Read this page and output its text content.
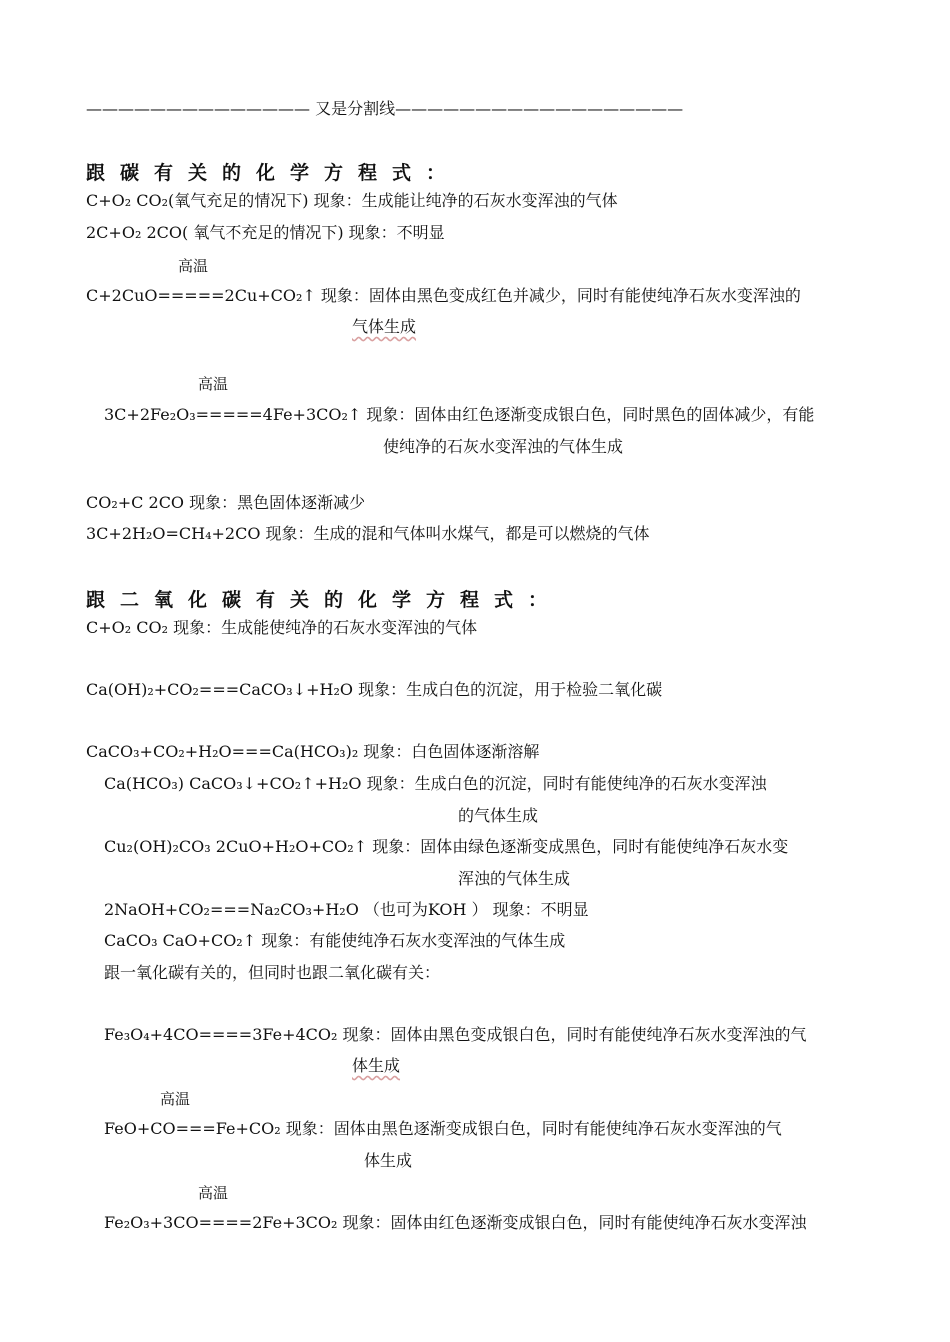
—————————————— 又是分割线——————————————————
跟碳有关的化学方程式：
C+O₂ CO₂(氧气充足的情况下) 现象：生成能让纯净的石灰水变浑浊的气体
2C+O₂ 2CO( 氧气不充足的情况下) 现象：不明显
高温
C+2CuO=====2Cu+CO₂↑ 现象：固体由黑色变成红色并减少，同时有能使纯净石灰水变浑浊的
气体生成
高温
3C+2Fe₂O₃=====4Fe+3CO₂↑ 现象：固体由红色逐渐变成银白色，同时黑色的固体减少，有能
使纯净的石灰水变浑浊的气体生成
CO₂+C 2CO 现象：黑色固体逐渐减少
3C+2H₂O=CH₄+2CO 现象：生成的混和气体叫水煤气，都是可以燃烧的气体
跟二氧化碳有关的化学方程式：
C+O₂ CO₂ 现象：生成能使纯净的石灰水变浑浊的气体
Ca(OH)₂+CO₂===CaCO₃↓+H₂O 现象：生成白色的沉淀，用于检验二氧化碳
CaCO₃+CO₂+H₂O===Ca(HCO₃)₂ 现象：白色固体逐渐溶解
Ca(HCO₃) CaCO₃↓+CO₂↑+H₂O 现象：生成白色的沉淀，同时有能使纯净的石灰水变浑浊
的气体生成
Cu₂(OH)₂CO₃ 2CuO+H₂O+CO₂↑ 现象：固体由绿色逐渐变成黑色，同时有能使纯净石灰水变
浑浊的气体生成
2NaOH+CO₂===Na₂CO₃+H₂O （也可为KOH ） 现象：不明显
CaCO₃ CaO+CO₂↑ 现象：有能使纯净石灰水变浑浊的气体生成
跟一氧化碳有关的，但同时也跟二氧化碳有关：
Fe₃O₄+4CO====3Fe+4CO₂ 现象：固体由黑色变成银白色，同时有能使纯净石灰水变浑浊的气
体生成
高温
FeO+CO===Fe+CO₂ 现象：固体由黑色逐渐变成银白色，同时有能使纯净石灰水变浑浊的气
体生成
高温
Fe₂O₃+3CO====2Fe+3CO₂ 现象：固体由红色逐渐变成银白色，同时有能使纯净石灰水变浑浊
